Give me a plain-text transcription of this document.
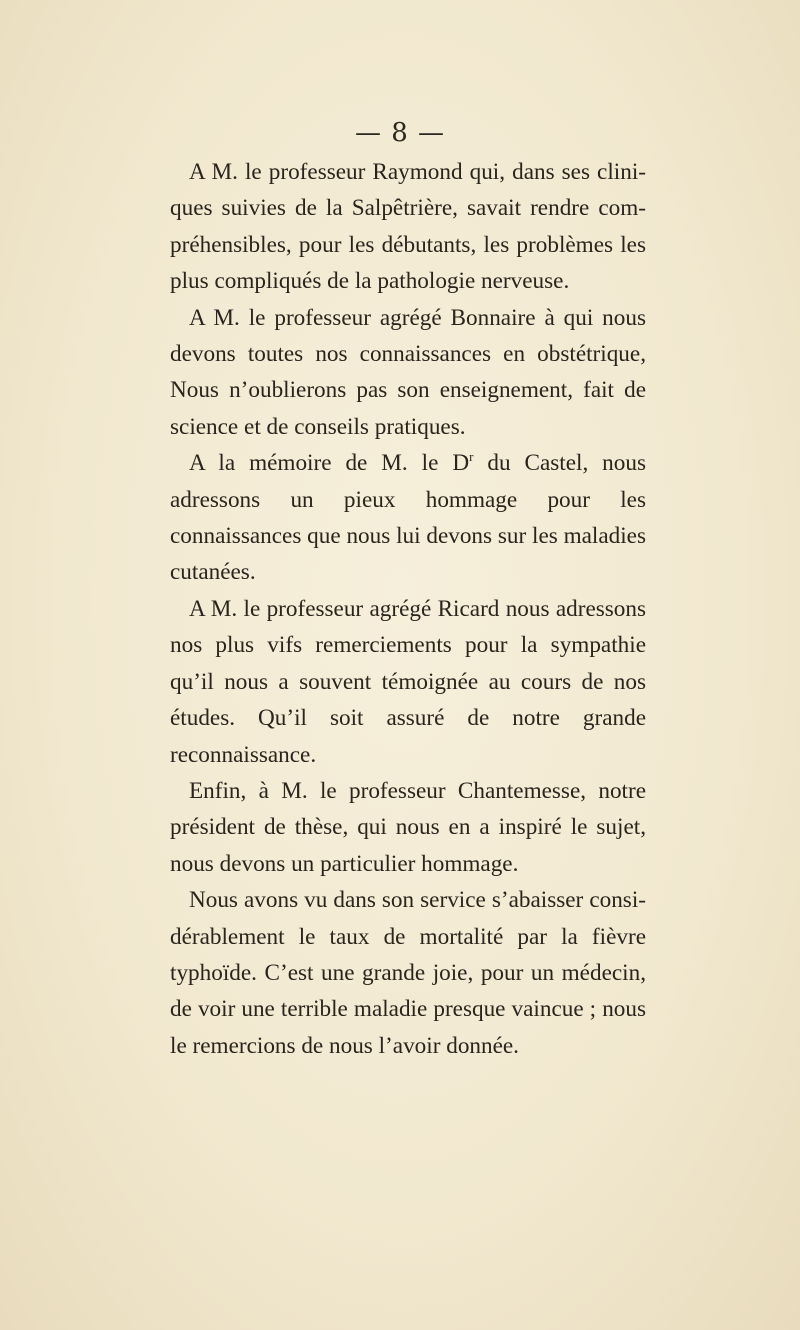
— 8 —

A M. le professeur Raymond qui, dans ses cliniques suivies de la Salpêtrière, savait rendre compréhensibles, pour les débutants, les problèmes les plus compliqués de la pathologie nerveuse.

A M. le professeur agrégé Bonnaire à qui nous devons toutes nos connaissances en obstétrique, Nous n’oublierons pas son enseignement, fait de science et de conseils pratiques.

A la mémoire de M. le $D^r$ du Castel, nous adressons un pieux hommage pour les connaissances que nous lui devons sur les maladies cutanées.

A M. le professeur agrégé Ricard nous adressons nos plus vifs remerciements pour la sympathie qu’il nous a souvent témoignée au cours de nos études. Qu’il soit assuré de notre grande reconnaissance.

Enfin, à M. le professeur Chantemesse, notre président de thèse, qui nous en a inspiré le sujet, nous devons un particulier hommage.

Nous avons vu dans son service s’abaisser considérablement le taux de mortalité par la fièvre typhoïde. C’est une grande joie, pour un médecin, de voir une terrible maladie presque vaincue ; nous le remercions de nous l’avoir donnée.
